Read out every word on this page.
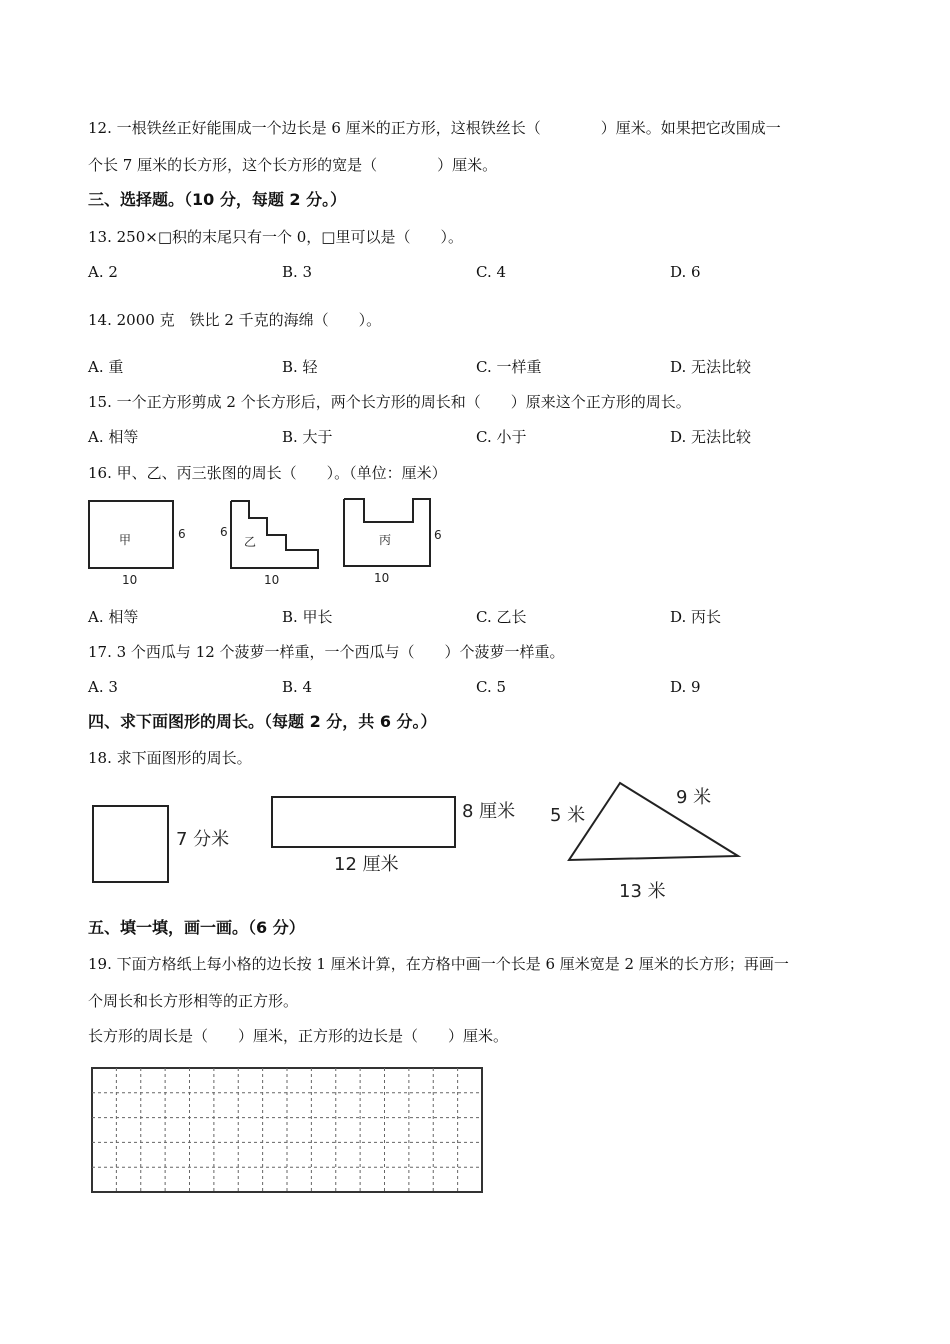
12. 一根铁丝正好能围成一个边长是 6 厘米的正方形，这根铁丝长（　　　　）厘米。如果把它改围成一
个长 7 厘米的长方形，这个长方形的宽是（　　　　）厘米。
三、选择题。（10 分，每题 2 分。）
13. 250×□积的末尾只有一个 0，□里可以是（　　）。
A. 2	B. 3	C. 4	D. 6
14. 2000 克　铁比 2 千克的海绵（　　）。
A. 重	B. 轻	C. 一样重	D. 无法比较
15. 一个正方形剪成 2 个长方形后，两个长方形的周长和（　　）原来这个正方形的周长。
A. 相等	B. 大于	C. 小于	D. 无法比较
16. 甲、乙、丙三张图的周长（　　）。（单位：厘米）
甲	6
10
乙
6
10
丙	6
10
A. 相等	B. 甲长	C. 乙长	D. 丙长
17. 3 个西瓜与 12 个菠萝一样重，一个西瓜与（　　）个菠萝一样重。
A. 3	B. 4	C. 5	D. 9
四、求下面图形的周长。（每题 2 分，共 6 分。）
18. 求下面图形的周长。
7 分米
8 厘米
12 厘米
5 米
9 米
13 米
五、填一填，画一画。（6 分）
19. 下面方格纸上每小格的边长按 1 厘米计算，在方格中画一个长是 6 厘米宽是 2 厘米的长方形；再画一
个周长和长方形相等的正方形。
长方形的周长是（　　）厘米，正方形的边长是（　　）厘米。
